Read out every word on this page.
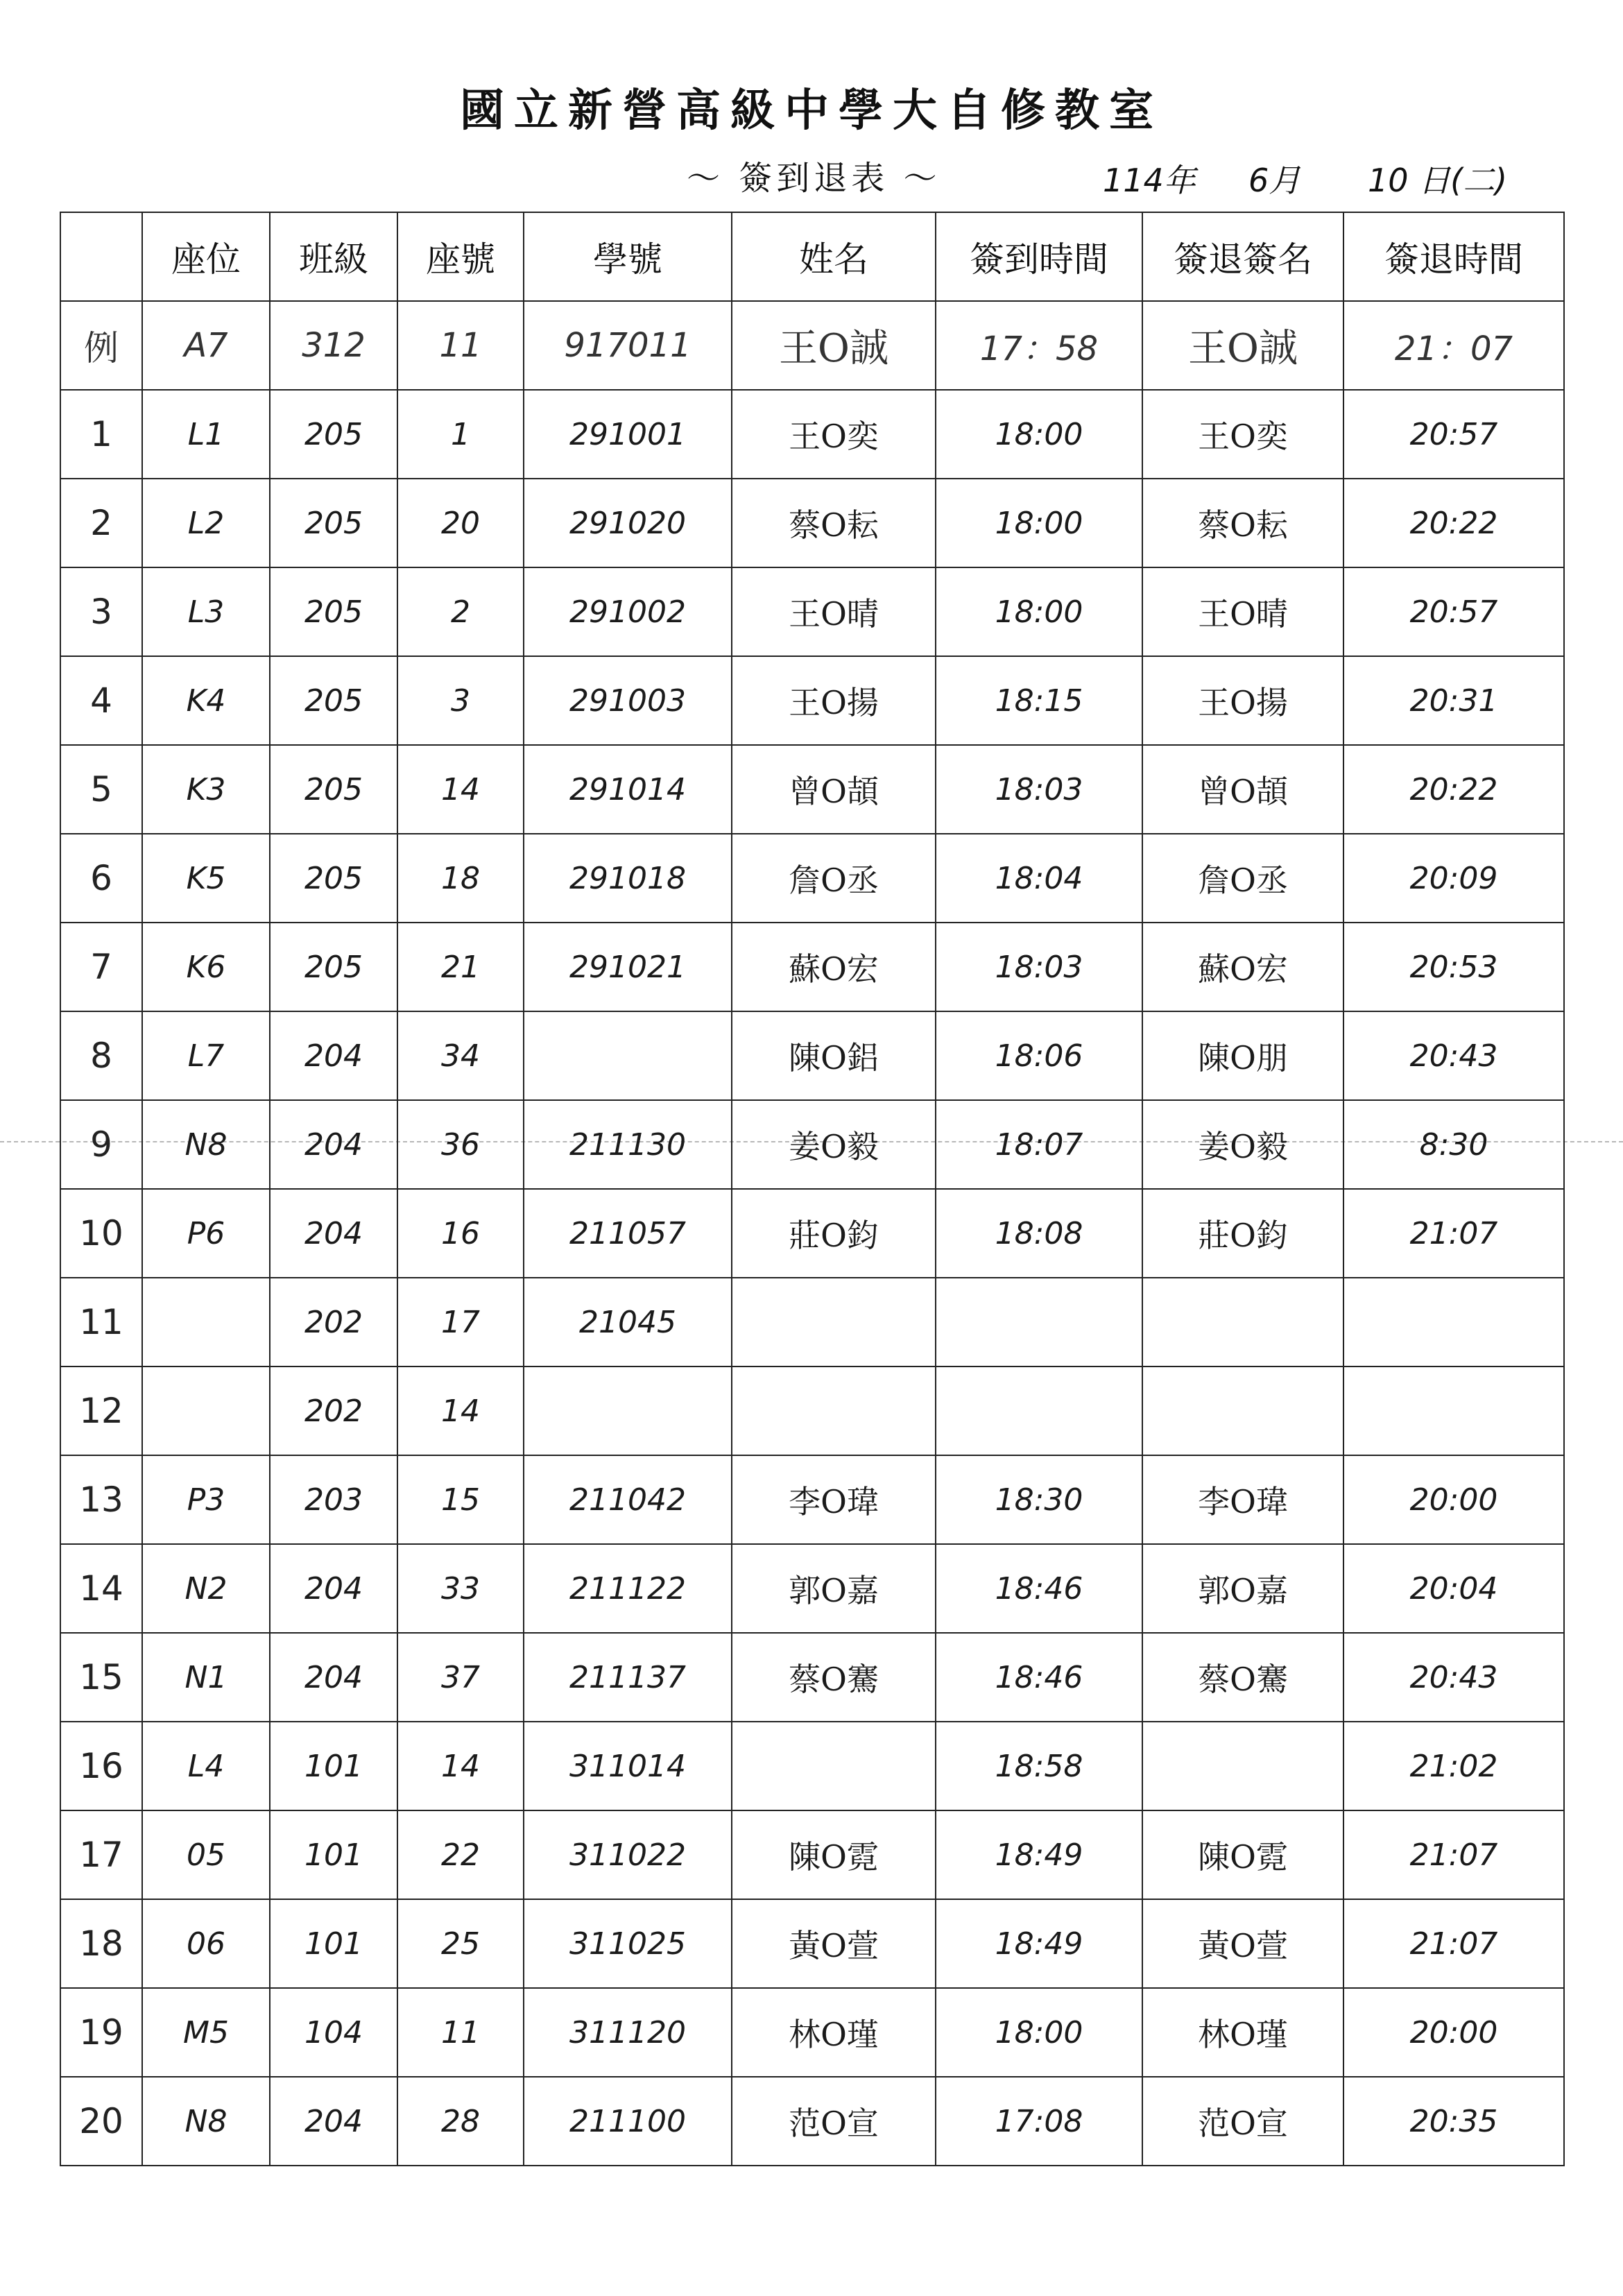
國立新營高級中學大自修教室
～ 簽到退表 ～	114年 6月 10 日(二)
	座位	班級	座號	學號	姓名	簽到時間	簽退簽名	簽退時間
例	A7	312	11	917011	王O誠	17：58	王O誠	21：07
1	L1	205	1	291001	王O奕	18:00	王O奕	20:57
2	L2	205	20	291020	蔡O耘	18:00	蔡O耘	20:22
3	L3	205	2	291002	王O晴	18:00	王O晴	20:57
4	K4	205	3	291003	王O揚	18:15	王O揚	20:31
5	K3	205	14	291014	曾O頡	18:03	曾O頡	20:22
6	K5	205	18	291018	詹O丞	18:04	詹O丞	20:09
7	K6	205	21	291021	蘇O宏	18:03	蘇O宏	20:53
8	L7	204	34		陳O鋁	18:06	陳O朋	20:43
9	N8	204	36	211130	姜O毅	18:07	姜O毅	8:30
10	P6	204	16	211057	莊O鈞	18:08	莊O鈞	21:07
11		202	17	21045				
12		202	14					
13	P3	203	15	211042	李O瑋	18:30	李O瑋	20:00
14	N2	204	33	211122	郭O嘉	18:46	郭O嘉	20:04
15	N1	204	37	211137	蔡O騫	18:46	蔡O騫	20:43
16	L4	101	14	311014		18:58		21:02
17	05	101	22	311022	陳O霓	18:49	陳O霓	21:07
18	06	101	25	311025	黃O萱	18:49	黃O萱	21:07
19	M5	104	11	311120	林O瑾	18:00	林O瑾	20:00
20	N8	204	28	211100	范O宣	17:08	范O宣	20:35
